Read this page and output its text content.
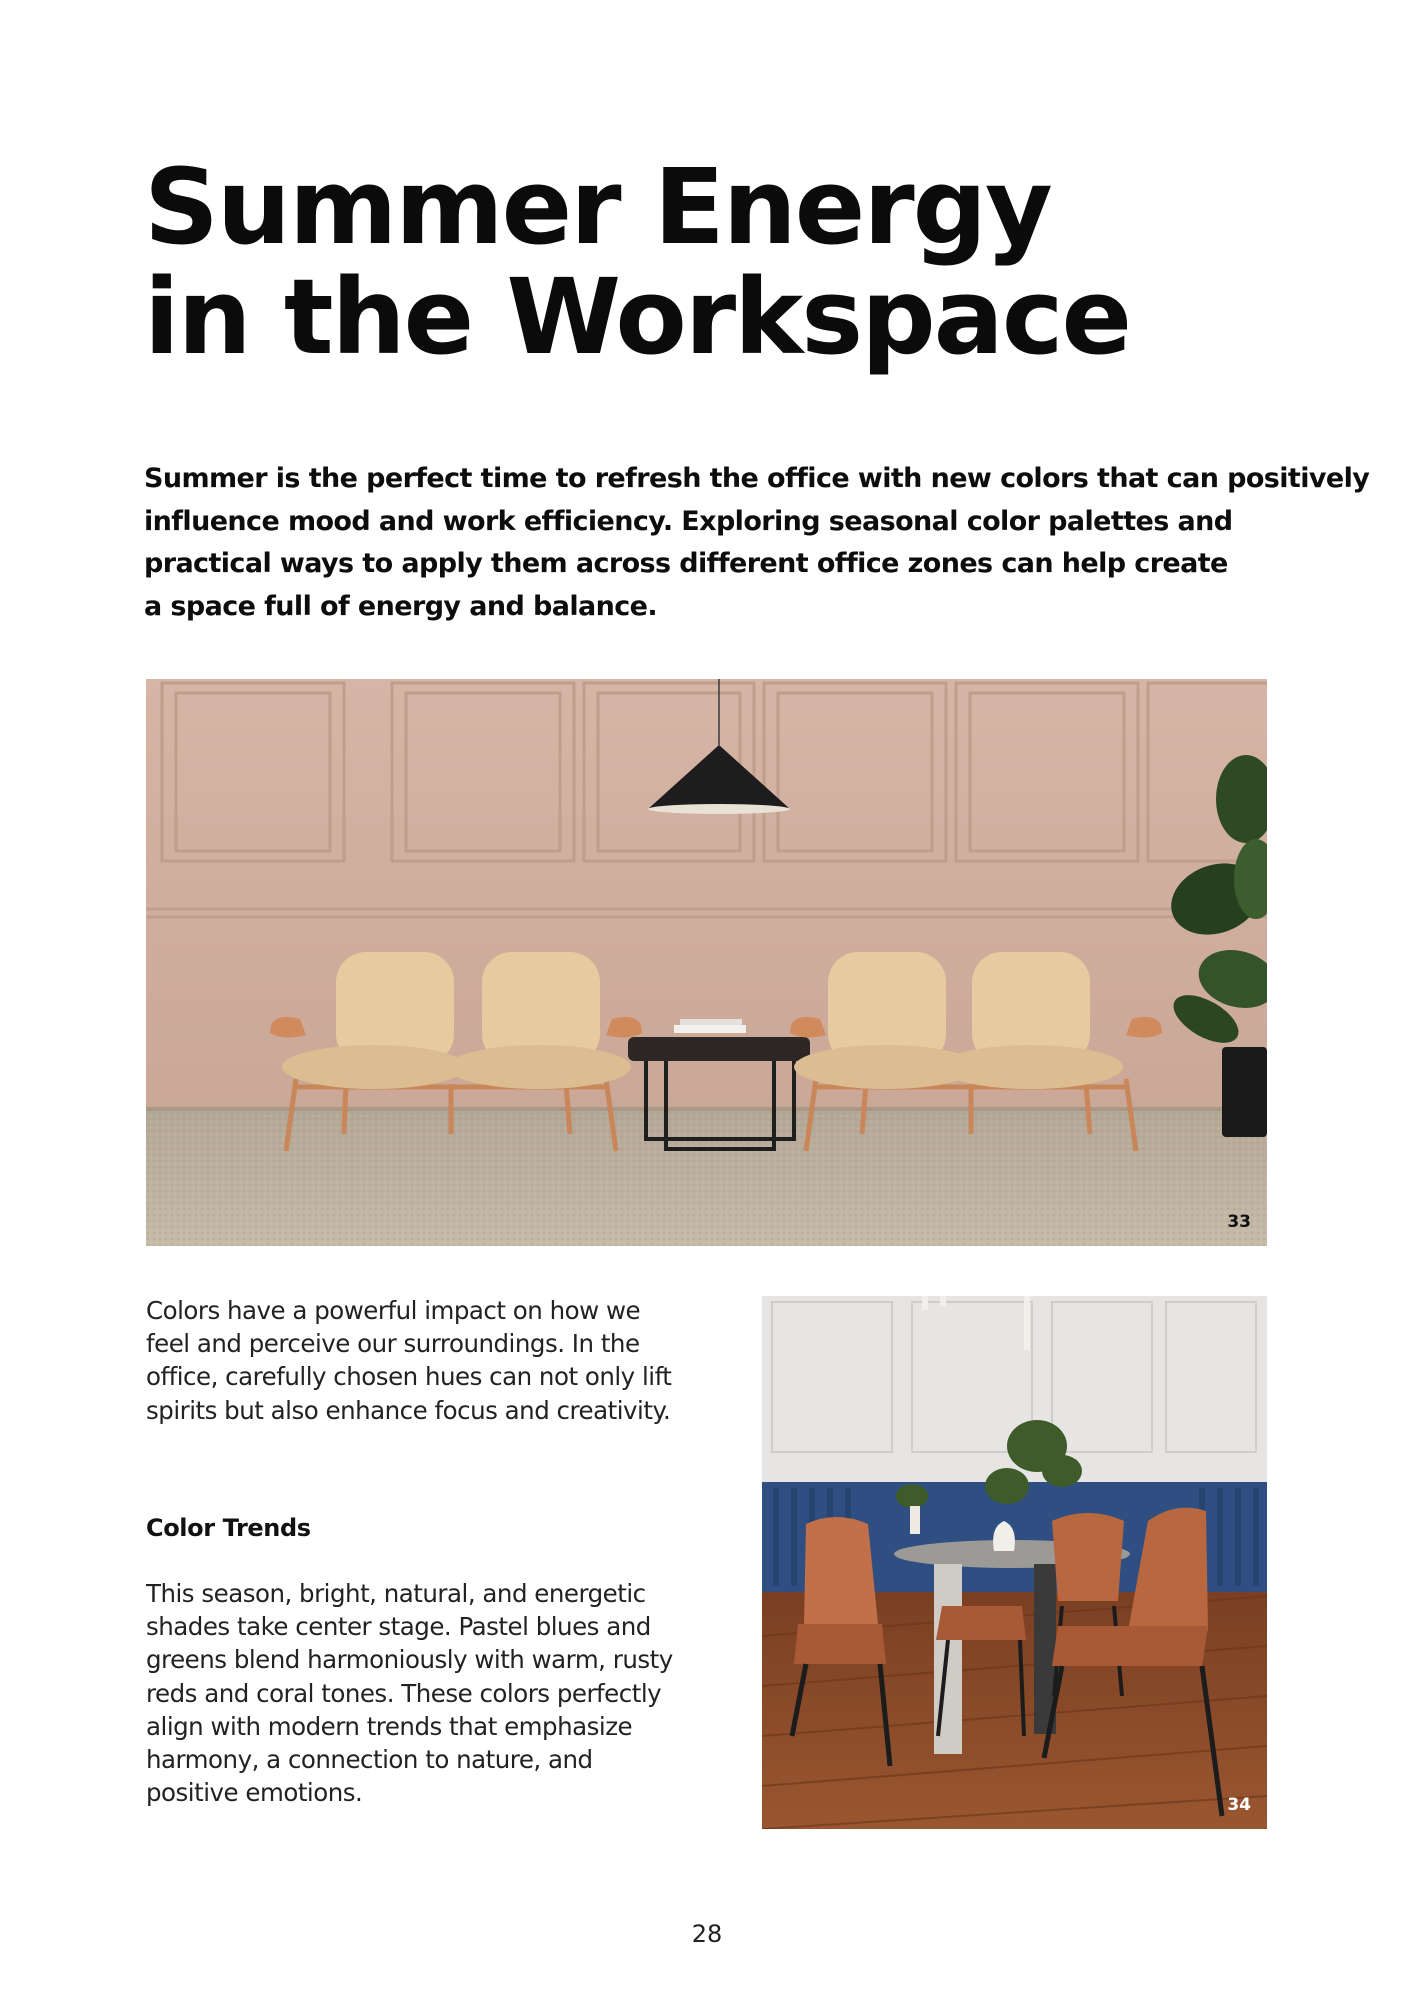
Summer Energy
in the Workspace

Summer is the perfect time to refresh the office with new colors that can positively
influence mood and work efficiency. Exploring seasonal color palettes and
practical ways to apply them across different office zones can help create
a space full of energy and balance.

33

Colors have a powerful impact on how we
feel and perceive our surroundings. In the
office, carefully chosen hues can not only lift
spirits but also enhance focus and creativity.

Color Trends

This season, bright, natural, and energetic
shades take center stage. Pastel blues and
greens blend harmoniously with warm, rusty
reds and coral tones. These colors perfectly
align with modern trends that emphasize
harmony, a connection to nature, and
positive emotions.	34
28
